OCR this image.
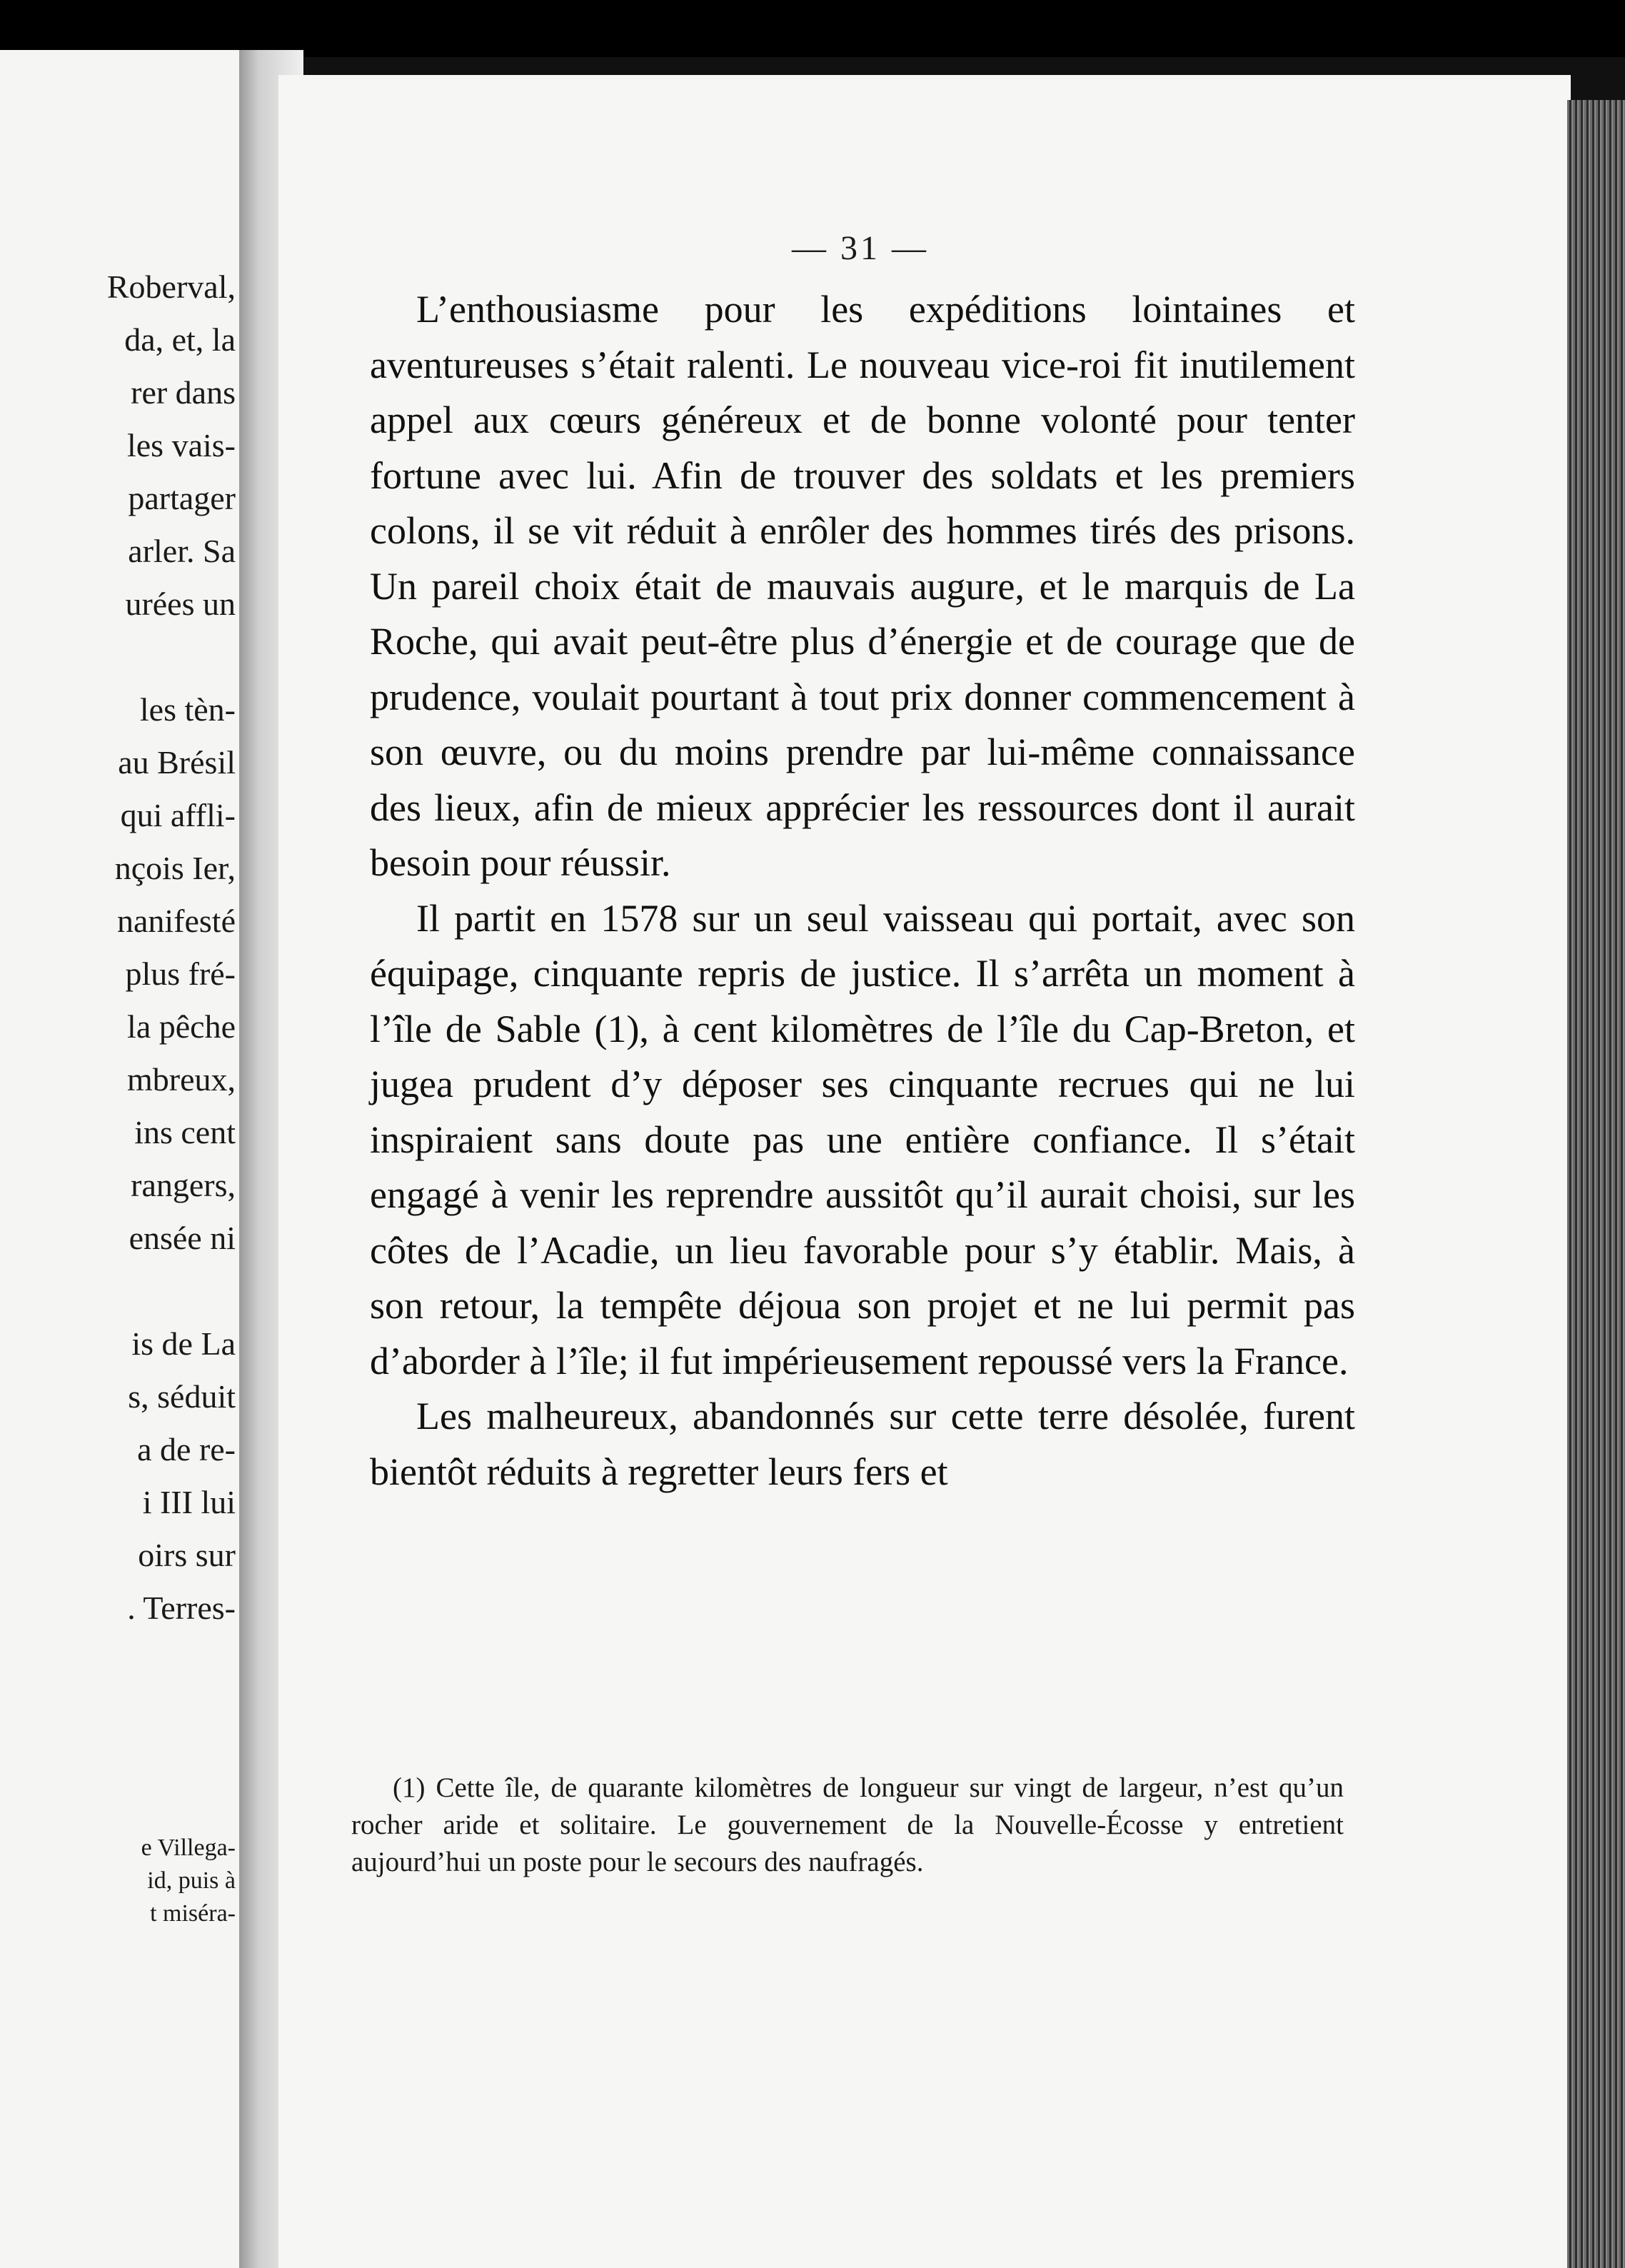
Roberval,
da, et, la
rer dans
les vais-
partager
arler. Sa
urées un

les tèn-
au Brésil
qui affli-
nçois Ier,
nanifesté
plus fré-
la pêche
mbreux,
ins cent
rangers,
ensée ni

is de La
s, séduit
a de re-
i III lui
oirs sur
. Terres-
e Villega-
id, puis à
t miséra-
— 31 —

L’enthousiasme pour les expéditions lointaines et aventureuses s’était ralenti. Le nouveau vice-roi fit inutilement appel aux cœurs généreux et de bonne volonté pour tenter fortune avec lui. Afin de trouver des soldats et les premiers colons, il se vit réduit à enrôler des hommes tirés des prisons. Un pareil choix était de mauvais augure, et le marquis de La Roche, qui avait peut-être plus d’énergie et de courage que de prudence, voulait pourtant à tout prix donner commencement à son œuvre, ou du moins prendre par lui-même connaissance des lieux, afin de mieux apprécier les ressources dont il aurait besoin pour réussir.

Il partit en 1578 sur un seul vaisseau qui portait, avec son équipage, cinquante repris de justice. Il s’arrêta un moment à l’île de Sable (1), à cent kilomètres de l’île du Cap-Breton, et jugea prudent d’y déposer ses cinquante recrues qui ne lui inspiraient sans doute pas une entière confiance. Il s’était engagé à venir les reprendre aussitôt qu’il aurait choisi, sur les côtes de l’Acadie, un lieu favorable pour s’y établir. Mais, à son retour, la tempête déjoua son projet et ne lui permit pas d’aborder à l’île; il fut impérieusement repoussé vers la France.

Les malheureux, abandonnés sur cette terre désolée, furent bientôt réduits à regretter leurs fers et

(1) Cette île, de quarante kilomètres de longueur sur vingt de largeur, n’est qu’un rocher aride et solitaire. Le gouvernement de la Nouvelle-Écosse y entretient aujourd’hui un poste pour le secours des naufragés.
